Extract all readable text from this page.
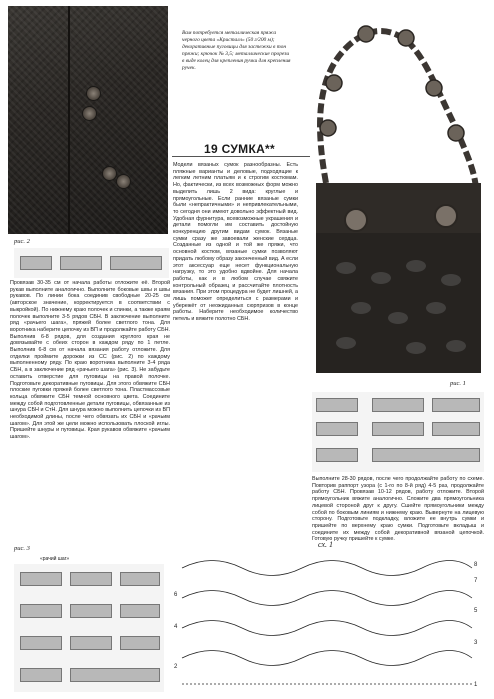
Вам потребуется металлическая пряжа черного цвета «Кристалл» (50 г/200 м); декоративные пуговицы для застежки в тон пряжи; крючок № 3,5; металлические прорези в виде колец для крепления ручки для крепления ручек.
19 СУМКА**
Модели вязаных сумок разнообразны. Есть пляжные варианты и деловые, подходящие к легким летним платьям и к строгим костюмам. Но, фактически, из всех возможных форм можно выделить лишь 2 вида: круглые и прямоугольные. Если ранние вязаные сумки были «непрактичными» и непривлекательными, то сегодня они имеют довольно эффектный вид. Удобная фурнитура, всевозможные украшения и детали помогли им составить достойную конкуренцию другим видам сумок. Вязаные сумки сразу же завоевали женские сердца. Созданные из одной и той же пряжи, что основной костюм, вязаные сумки позволяют придать любому образу законченный вид. А если этот аксессуар еще несет функциональную нагрузку, то это удобно вдвойне. Для начала работы, как и в любом случае свяжите контрольный образец и рассчитайте плотность вязания. При этом процедура не будет лишней, а лишь поможет определиться с размерами и убережёт от неожиданных сюрпризов в конце работы. Наберите необходимое количество петель и вяжите полотно СБН.
рис. 2
Провязав 30-35 см от начала работы отложите её. Второй рукав выполните аналогично. Выполните боковые швы и швы рукавов. По линии бока соединив свободные 20-25 см (авторское значение, корректируется в соответствии с выкройкой). По нижнему краю полочек и спинки, а также краям полочек выполните 3-5 рядов СБН. В заключение выполните ряд «рачьего шага», пряжей более светлого тона. Для воротника наберите цепочку из ВП и продолжайте работу СБН. Выполнив 6-8 рядов, для создания круглого края не довязывайте с обеих сторон в каждом ряду по 1 петле. Выполнив 6-8 см от начала вязания работу отложите. Для отделки проймите дорожки из СС (рис. 2) по каждому выполненному ряду. По краю воротника выполните 3-4 ряда СБН, а в заключение ряд «рачьего шага» (рис. 3). Не забудьте оставить отверстие для пуговицы на правой полочке. Подготовьте декоративные пуговицы. Для этого обвяжите СБН плоские пуговки пряжей более светлого тона. Пластмассовые кольца обвяжите СБН темной основного цвета. Соедините между собой подготовленные детали пуговицы, обвязанные из шнура СБН и СтН. Для шнура можно выполнить цепочки из ВП необходимой длины, после чего обвязать их СБН и «рачьим шагом». Для этой же цели можно использовать плоской иглы. Пришейте шнуры и пуговицы. Края рукавов обвяжите «рачьим шагом».
рис. 1
Выполните 28-30 рядов, после чего продолжайте работу по схеме. Повторив раппорт узора (с 1-го по 8-й ряд) 4-5 раз, продолжайте работу СБН. Провязав 10-12 рядов, работу отложите. Второй прямоугольник вяжите аналогично. Сложите два прямоугольника лицевой стороной друг к другу. Сшейте прямоугольники между собой по боковым линиям и нижнему краю. Вывернуте на лицевую сторону. Подготовьте подкладку, вложите ее внутрь сумки и пришейте по верхнему краю сумки. Подготовьте вкладыш и соедините их между собой декоративной вязаной цепочкой. Готовую ручку пришейте к сумке.
рис. 3
«рачий шаг»
сх. 1
8
7
6
5
4
3
2
1
